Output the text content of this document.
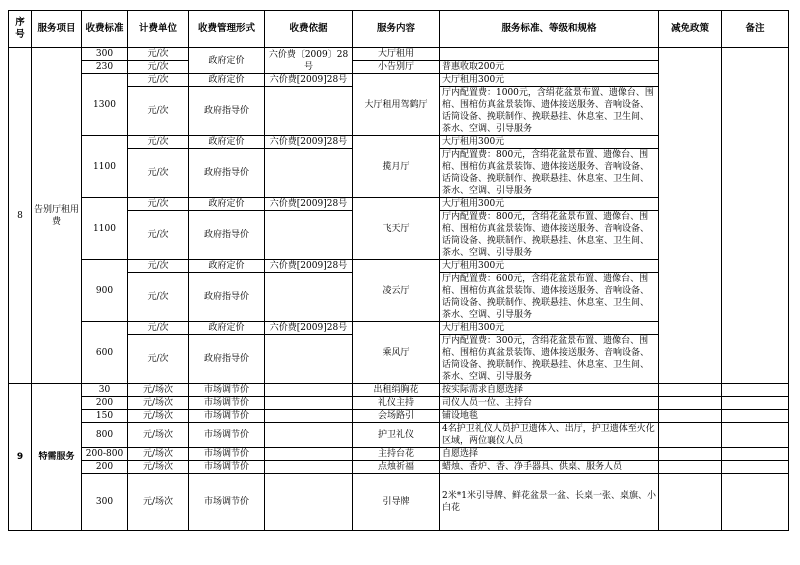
序号	服务项目	收费标准	计费单位	收费管理形式	收费依据	服务内容	服务标准、等级和规格	减免政策	备注
8	告别厅租用费	300	元/次	政府定价	六价费〔2009〕28号	大厅租用			
		230	元/次			小告别厅	普惠收取200元		
		1300	元/次	政府定价	六价费[2009]28号	大厅租用驾鹤厅	大厅租用300元		
			元/次	政府指导价			厅内配置费：1000元，含绢花盆景布置、遗像台、围棺、围棺仿真盆景装饰、遗体接送服务、音响设备、话筒设备、挽联制作、挽联悬挂、休息室、卫生间、茶水、空调、引导服务		
		1100	元/次	政府定价	六价费[2009]28号	揽月厅	大厅租用300元		
			元/次	政府指导价			厅内配置费：800元，含绢花盆景布置、遗像台、围棺、围棺仿真盆景装饰、遗体接送服务、音响设备、话筒设备、挽联制作、挽联悬挂、休息室、卫生间、茶水、空调、引导服务		
		1100	元/次	政府定价	六价费[2009]28号	飞天厅	大厅租用300元		
			元/次	政府指导价			厅内配置费：800元，含绢花盆景布置、遗像台、围棺、围棺仿真盆景装饰、遗体接送服务、音响设备、话筒设备、挽联制作、挽联悬挂、休息室、卫生间、茶水、空调、引导服务		
		900	元/次	政府定价	六价费[2009]28号	凌云厅	大厅租用300元		
			元/次	政府指导价			厅内配置费：600元，含绢花盆景布置、遗像台、围棺、围棺仿真盆景装饰、遗体接送服务、音响设备、话筒设备、挽联制作、挽联悬挂、休息室、卫生间、茶水、空调、引导服务		
		600	元/次	政府定价	六价费[2009]28号	乘风厅	大厅租用300元		
			元/次	政府指导价			厅内配置费：300元，含绢花盆景布置、遗像台、围棺、围棺仿真盆景装饰、遗体接送服务、音响设备、话筒设备、挽联制作、挽联悬挂、休息室、卫生间、茶水、空调、引导服务		
9	特需服务	30	元/场次	市场调节价		出租绢胸花	按实际需求自愿选择		
		200	元/场次	市场调节价		礼仪主持	司仪人员一位、主持台		
		150	元/场次	市场调节价		会场路引	铺设地毯		
		800	元/场次	市场调节价		护卫礼仪	4名护卫礼仪人员护卫遗体入、出厅，护卫遗体至火化区域，两位襄仪人员		
		200-800	元/场次	市场调节价		主持台花	自愿选择		
		200	元/场次	市场调节价		点烛祈福	蜡烛、香炉、香、净手器具、供桌、服务人员		
		300	元/场次	市场调节价		引导牌	2米*1米引导牌、鲜花盆景一盆、长桌一张、桌旗、小白花		
